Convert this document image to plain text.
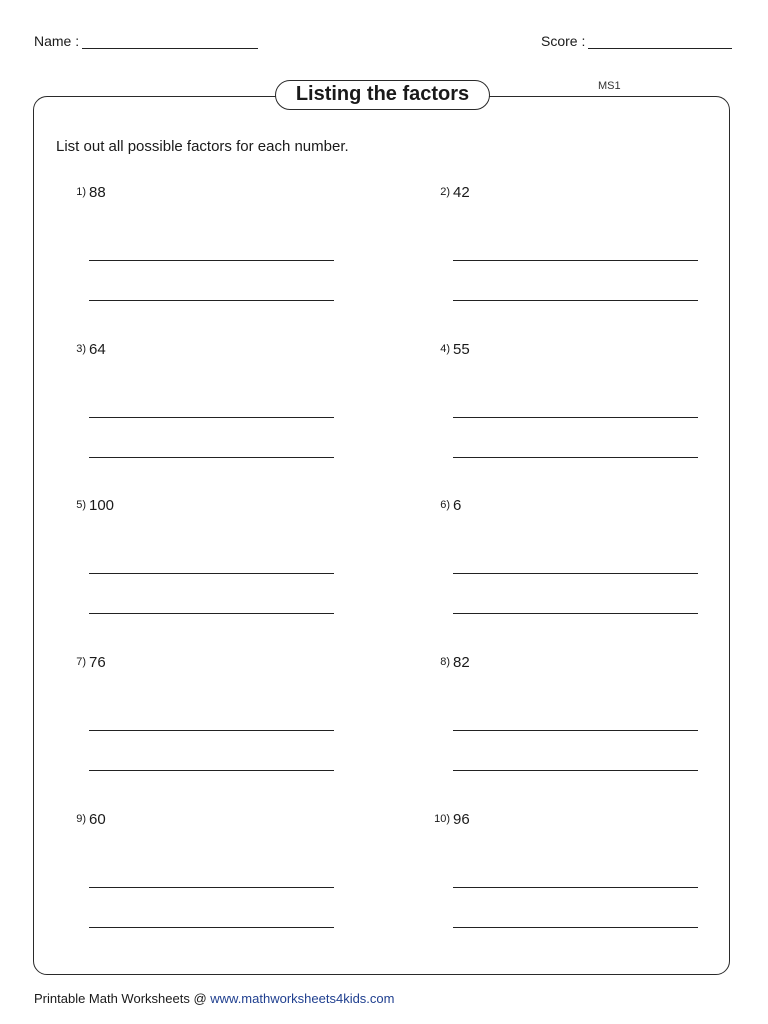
Name :	Score :
Listing the factors	MS1
List out all possible factors for each number.
1) 88	2) 42
3) 64	4) 55
5) 100	6) 6
7) 76	8) 82
9) 60	10) 96
Printable Math Worksheets @ www.mathworksheets4kids.com
